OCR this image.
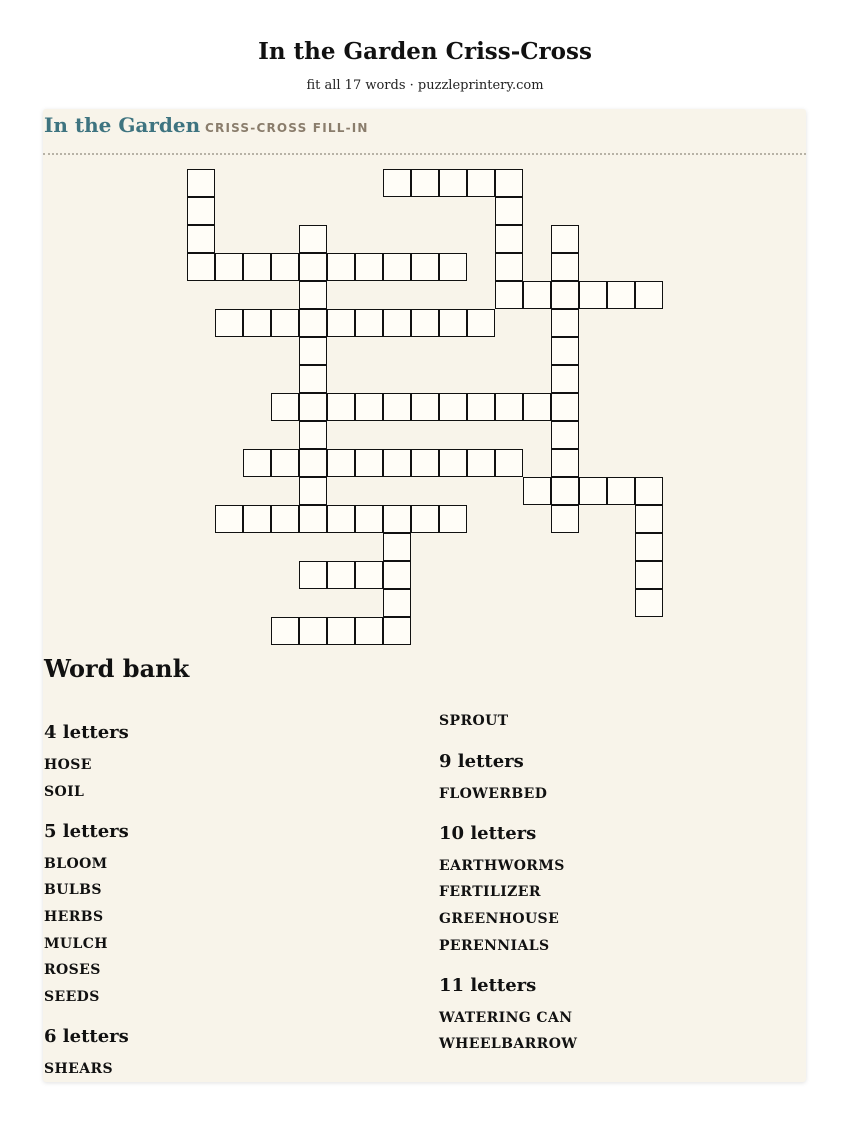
In the Garden Criss-Cross
fit all 17 words · puzzleprintery.com
In the Garden CRISS-CROSS FILL-IN
Word bank
4 letters
HOSE
SOIL
5 letters
BLOOM
BULBS
HERBS
MULCH
ROSES
SEEDS
6 letters
SHEARS
SPROUT
9 letters
FLOWERBED
10 letters
EARTHWORMS
FERTILIZER
GREENHOUSE
PERENNIALS
11 letters
WATERING CAN
WHEELBARROW
